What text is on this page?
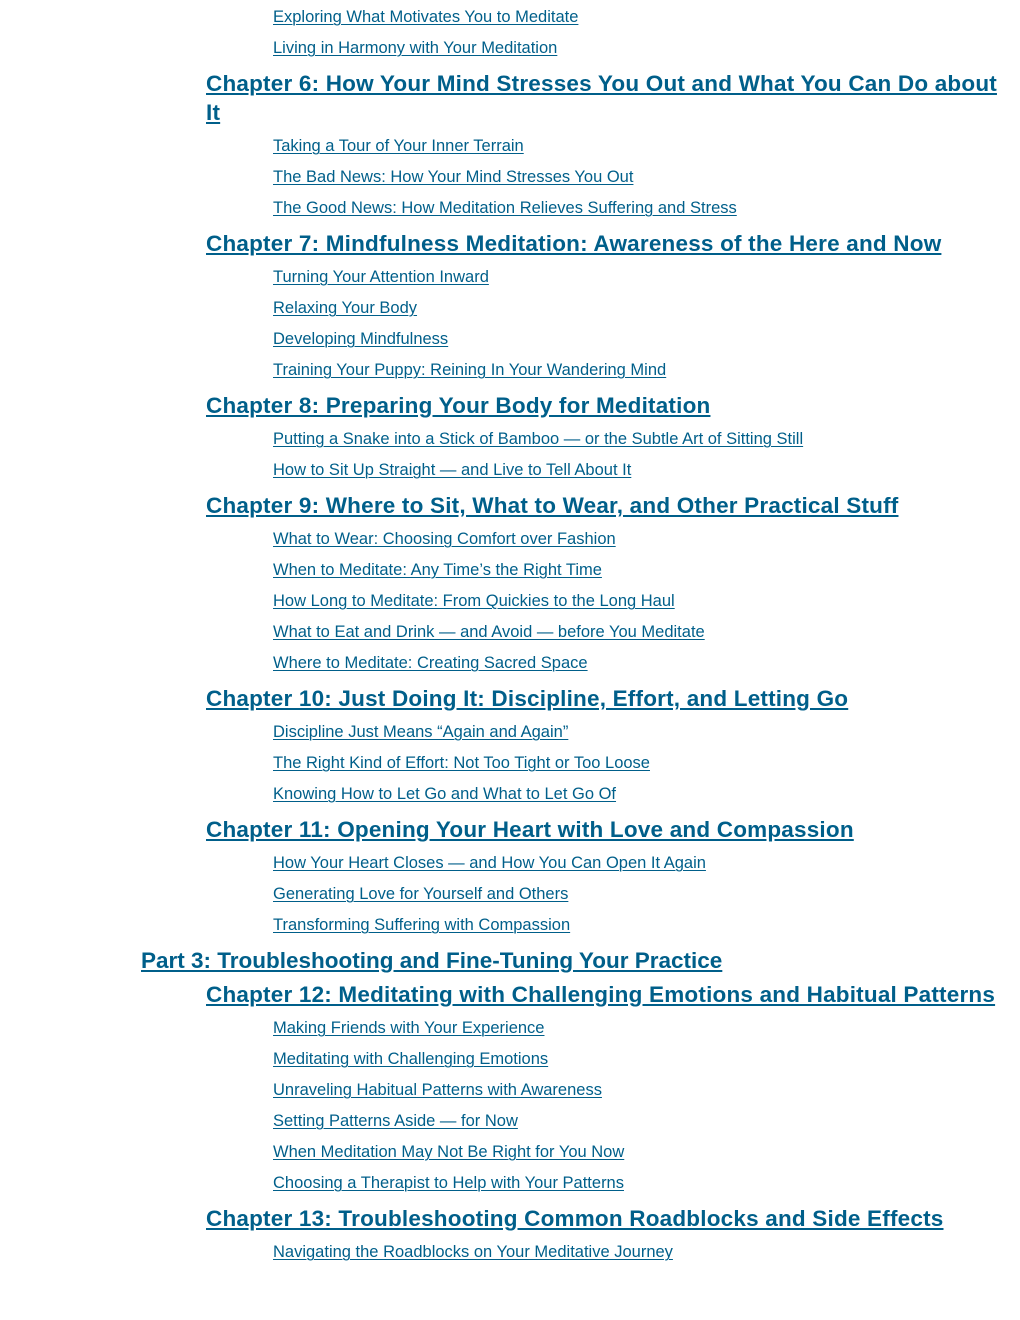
Exploring What Motivates You to Meditate
Living in Harmony with Your Meditation
Chapter 6: How Your Mind Stresses You Out and What You Can Do about It
Taking a Tour of Your Inner Terrain
The Bad News: How Your Mind Stresses You Out
The Good News: How Meditation Relieves Suffering and Stress
Chapter 7: Mindfulness Meditation: Awareness of the Here and Now
Turning Your Attention Inward
Relaxing Your Body
Developing Mindfulness
Training Your Puppy: Reining In Your Wandering Mind
Chapter 8: Preparing Your Body for Meditation
Putting a Snake into a Stick of Bamboo — or the Subtle Art of Sitting Still
How to Sit Up Straight — and Live to Tell About It
Chapter 9: Where to Sit, What to Wear, and Other Practical Stuff
What to Wear: Choosing Comfort over Fashion
When to Meditate: Any Time’s the Right Time
How Long to Meditate: From Quickies to the Long Haul
What to Eat and Drink — and Avoid — before You Meditate
Where to Meditate: Creating Sacred Space
Chapter 10: Just Doing It: Discipline, Effort, and Letting Go
Discipline Just Means “Again and Again”
The Right Kind of Effort: Not Too Tight or Too Loose
Knowing How to Let Go and What to Let Go Of
Chapter 11: Opening Your Heart with Love and Compassion
How Your Heart Closes — and How You Can Open It Again
Generating Love for Yourself and Others
Transforming Suffering with Compassion
Part 3: Troubleshooting and Fine-Tuning Your Practice
Chapter 12: Meditating with Challenging Emotions and Habitual Patterns
Making Friends with Your Experience
Meditating with Challenging Emotions
Unraveling Habitual Patterns with Awareness
Setting Patterns Aside — for Now
When Meditation May Not Be Right for You Now
Choosing a Therapist to Help with Your Patterns
Chapter 13: Troubleshooting Common Roadblocks and Side Effects
Navigating the Roadblocks on Your Meditative Journey
